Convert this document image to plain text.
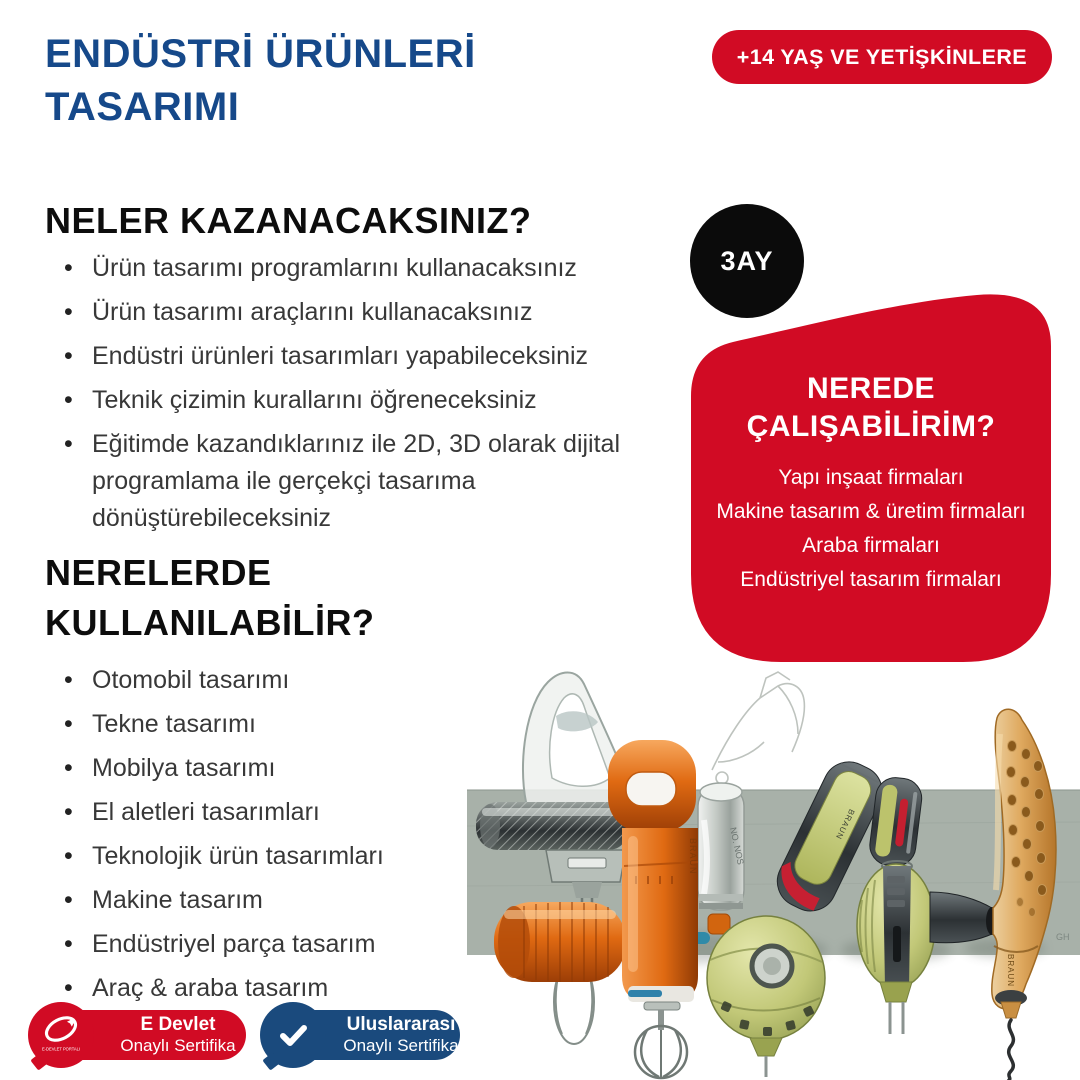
ENDÜSTRİ ÜRÜNLERİ
TASARIMI
+14 YAŞ VE YETİŞKİNLERE
NELER KAZANACAKSINIZ?
• Ürün tasarımı programlarını kullanacaksınız
• Ürün tasarımı araçlarını kullanacaksınız
• Endüstri ürünleri tasarımları yapabileceksiniz
• Teknik çizimin kurallarını öğreneceksiniz
• Eğitimde kazandıklarınız ile 2D, 3D olarak dijital programlama ile gerçekçi tasarıma dönüştürebileceksiniz
3AY
NEREDE
ÇALIŞABİLİRİM?
Yapı inşaat firmaları
Makine tasarım & üretim firmaları
Araba firmaları
Endüstriyel tasarım firmaları
NERELERDE
KULLANILABİLİR?
• Otomobil tasarımı
• Tekne tasarımı
• Mobilya tasarımı
• El aletleri tasarımları
• Teknolojik ürün tasarımları
• Makine tasarım
• Endüstriyel parça tasarım
• Araç & araba tasarım
NO. NOS
BRAUN
BRAUN
BRAUN
GH
E-DEVLET PORTALI
E Devlet
Onaylı Sertifika
Uluslararası
Onaylı Sertifika
